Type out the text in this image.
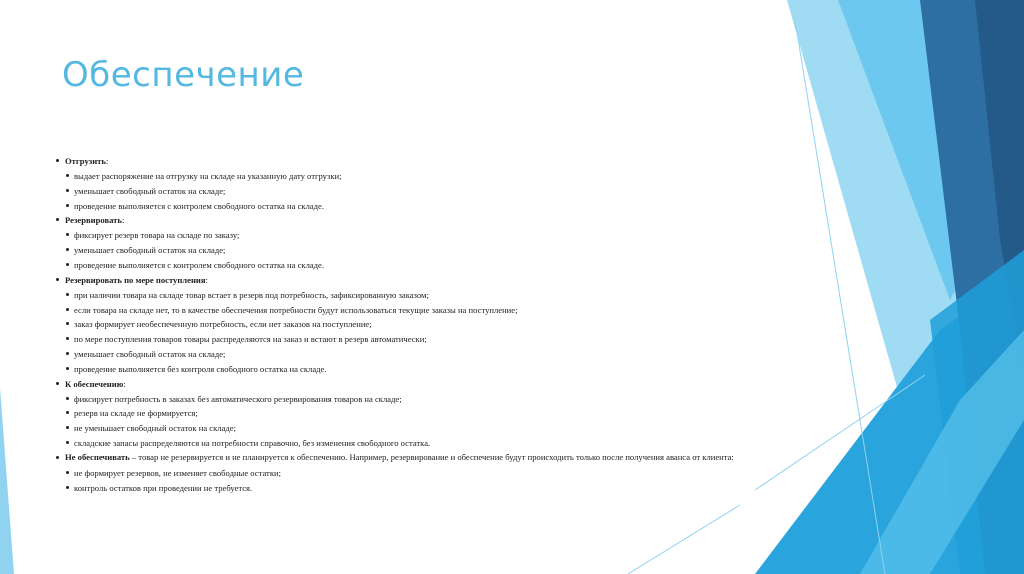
Обеспечение
Отгрузить:
выдает распоряжение на отгрузку на складе на указанную дату отгрузки;
уменьшает свободный остаток на складе;
проведение выполняется с контролем свободного остатка на складе.
Резервировать:
фиксирует резерв товара на складе по заказу;
уменьшает свободный остаток на складе;
проведение выполняется с контролем свободного остатка на складе.
Резервировать по мере поступления:
при наличии товара на складе товар встает в резерв под потребность, зафиксированную заказом;
если товара на складе нет, то в качестве обеспечения потребности будут использоваться текущие заказы на поступление;
заказ формирует необеспеченную потребность, если нет заказов на поступление;
по мере поступления товаров товары распределяются на заказ и встают в резерв автоматически;
уменьшает свободный остаток на складе;
проведение выполняется без контроля свободного остатка на складе.
К обеспечению:
фиксирует потребность в заказах без автоматического резервирования товаров на складе;
резерв на складе не формируется;
не уменьшает свободный остаток на складе;
складские запасы распределяются на потребности справочно, без изменения свободного остатка.
Не обеспечивать – товар не резервируется и не планируется к обеспечению. Например, резервирование и обеспечение будут происходить только после получения аванса от клиента:
не формирует резервов, не изменяет свободные остатки;
контроль остатков при проведении не требуется.
